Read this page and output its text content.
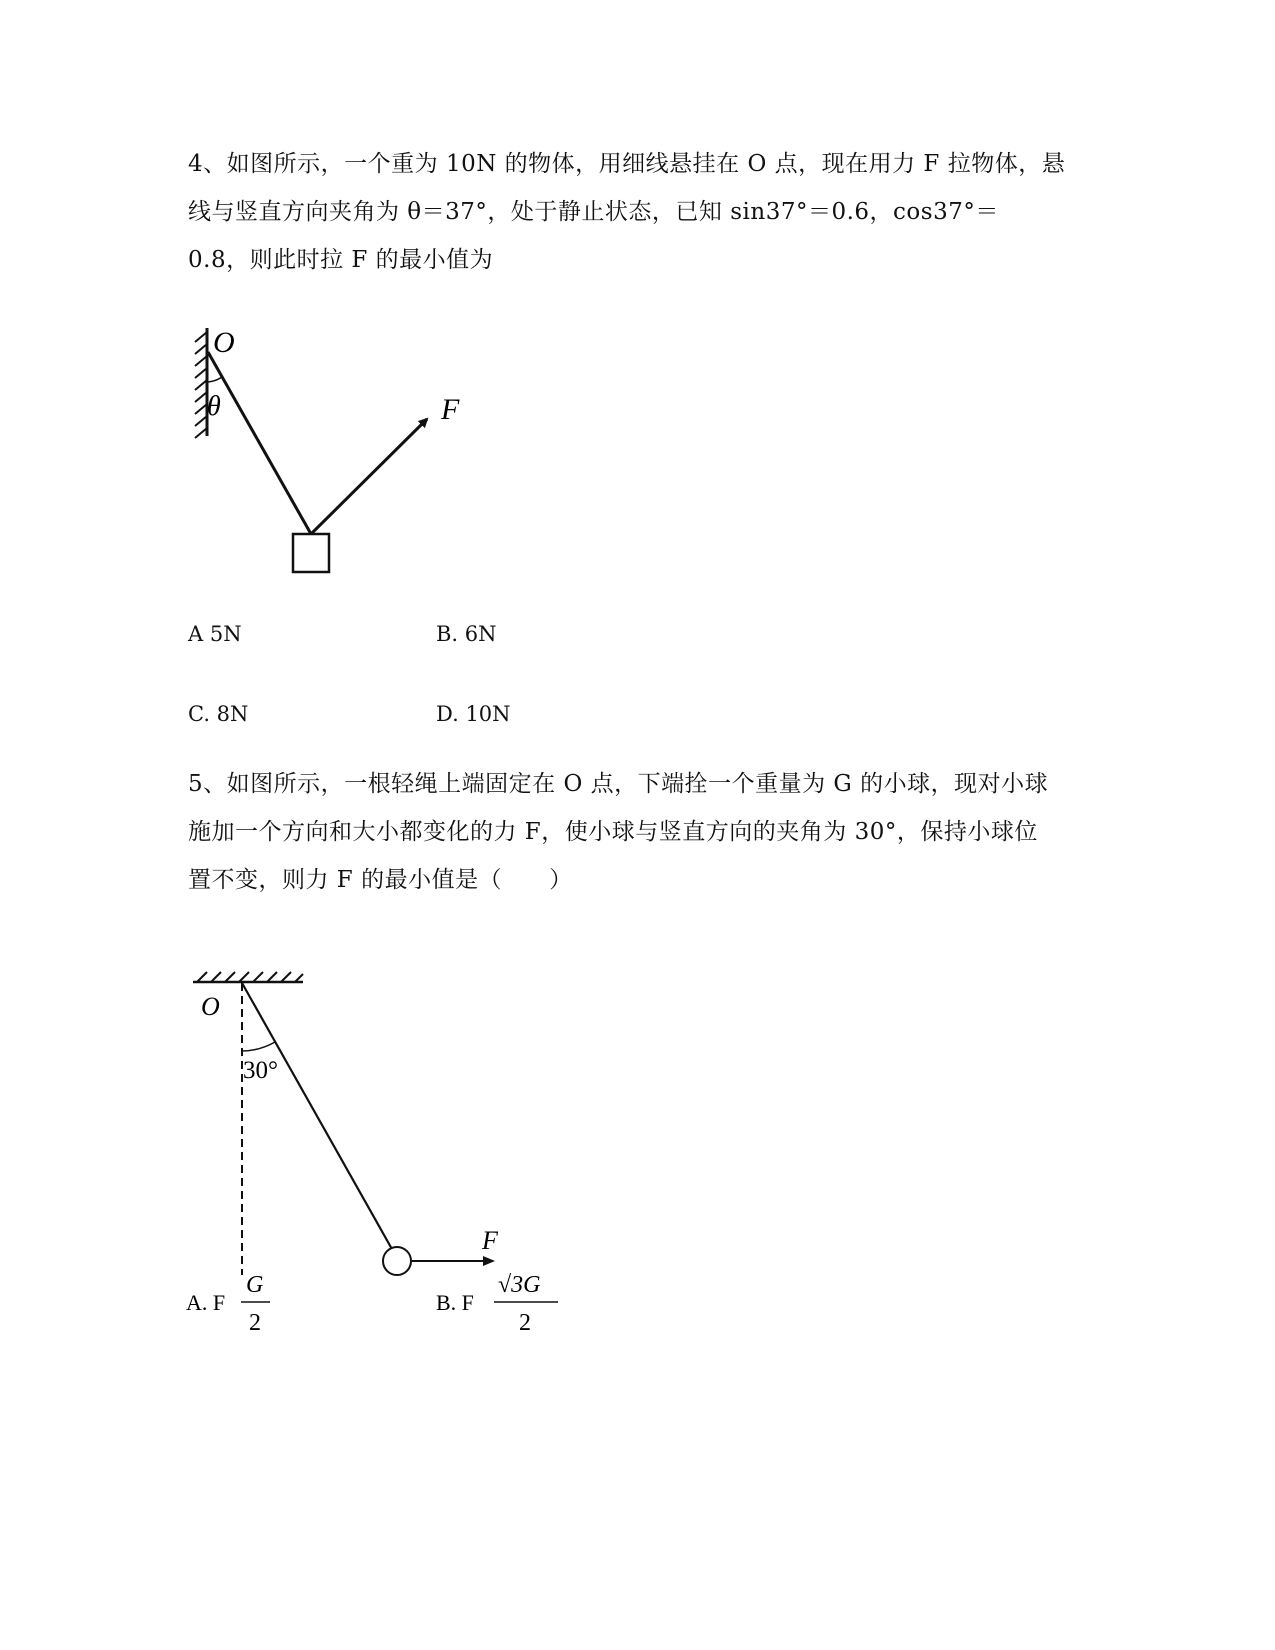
4、如图所示，一个重为 10N 的物体，用细线悬挂在 O 点，现在用力 F 拉物体，悬
线与竖直方向夹角为 θ＝37°，处于静止状态，已知 sin37°＝0.6，cos37°＝
0.8，则此时拉 F 的最小值为
O
θ	F
A 5N	B. 6N
C. 8N	D. 10N
5、如图所示，一根轻绳上端固定在 O 点，下端拴一个重量为 G 的小球，现对小球
施加一个方向和大小都变化的力 F，使小球与竖直方向的夹角为 30°，保持小球位
置不变，则力 F 的最小值是（　　）
O
30°
F
A. F
G
2
B. F
√3G
2
